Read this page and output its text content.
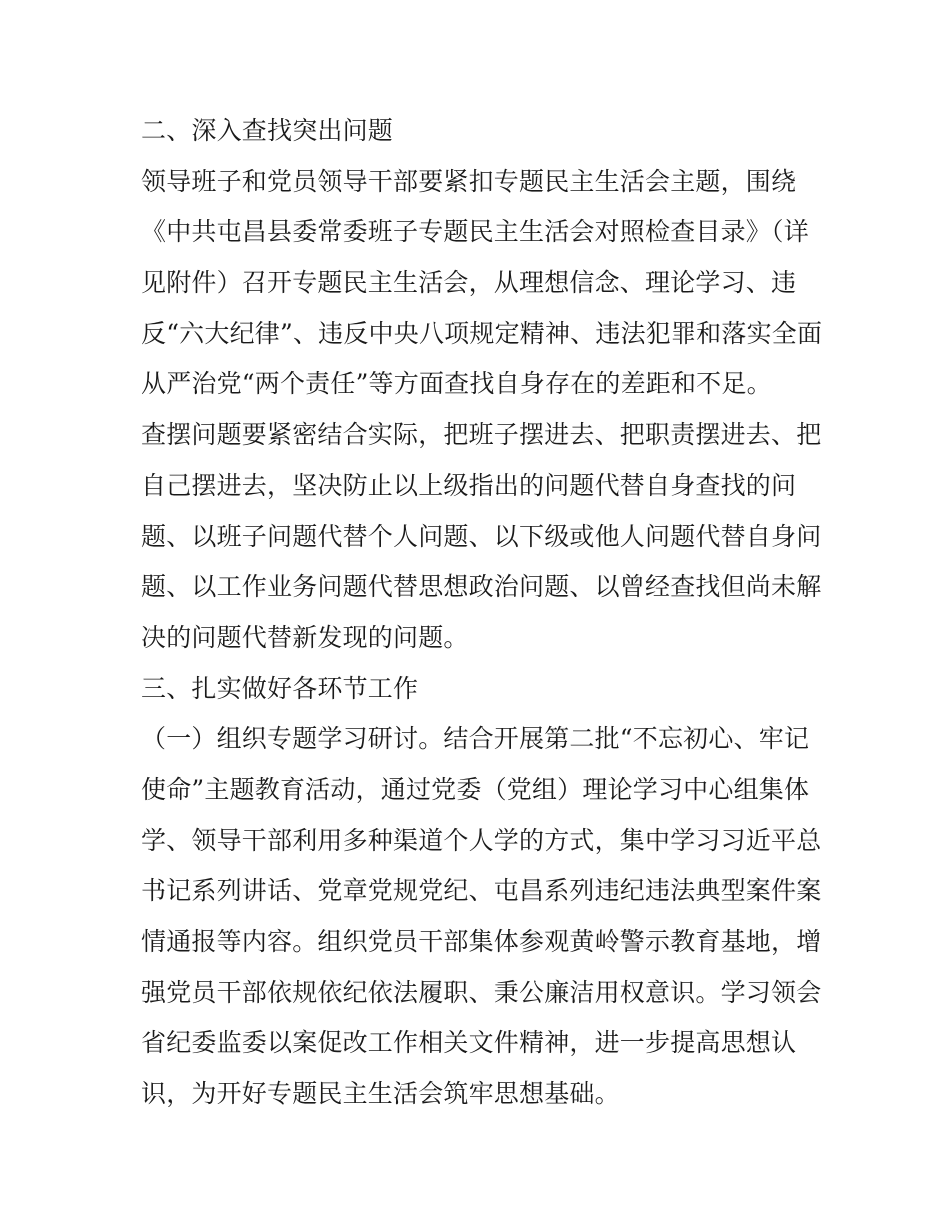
二、深入查找突出问题
领导班子和党员领导干部要紧扣专题民主生活会主题，围绕
《中共屯昌县委常委班子专题民主生活会对照检查目录》（详
见附件）召开专题民主生活会，从理想信念、理论学习、违
反“六大纪律”、违反中央八项规定精神、违法犯罪和落实全面
从严治党“两个责任”等方面查找自身存在的差距和不足。
查摆问题要紧密结合实际，把班子摆进去、把职责摆进去、把
自己摆进去，坚决防止以上级指出的问题代替自身查找的问
题、以班子问题代替个人问题、以下级或他人问题代替自身问
题、以工作业务问题代替思想政治问题、以曾经查找但尚未解
决的问题代替新发现的问题。
三、扎实做好各环节工作
（一）组织专题学习研讨。结合开展第二批“不忘初心、牢记
使命”主题教育活动，通过党委（党组）理论学习中心组集体
学、领导干部利用多种渠道个人学的方式，集中学习习近平总
书记系列讲话、党章党规党纪、屯昌系列违纪违法典型案件案
情通报等内容。组织党员干部集体参观黄岭警示教育基地，增
强党员干部依规依纪依法履职、秉公廉洁用权意识。学习领会
省纪委监委以案促改工作相关文件精神，进一步提高思想认
识，为开好专题民主生活会筑牢思想基础。
